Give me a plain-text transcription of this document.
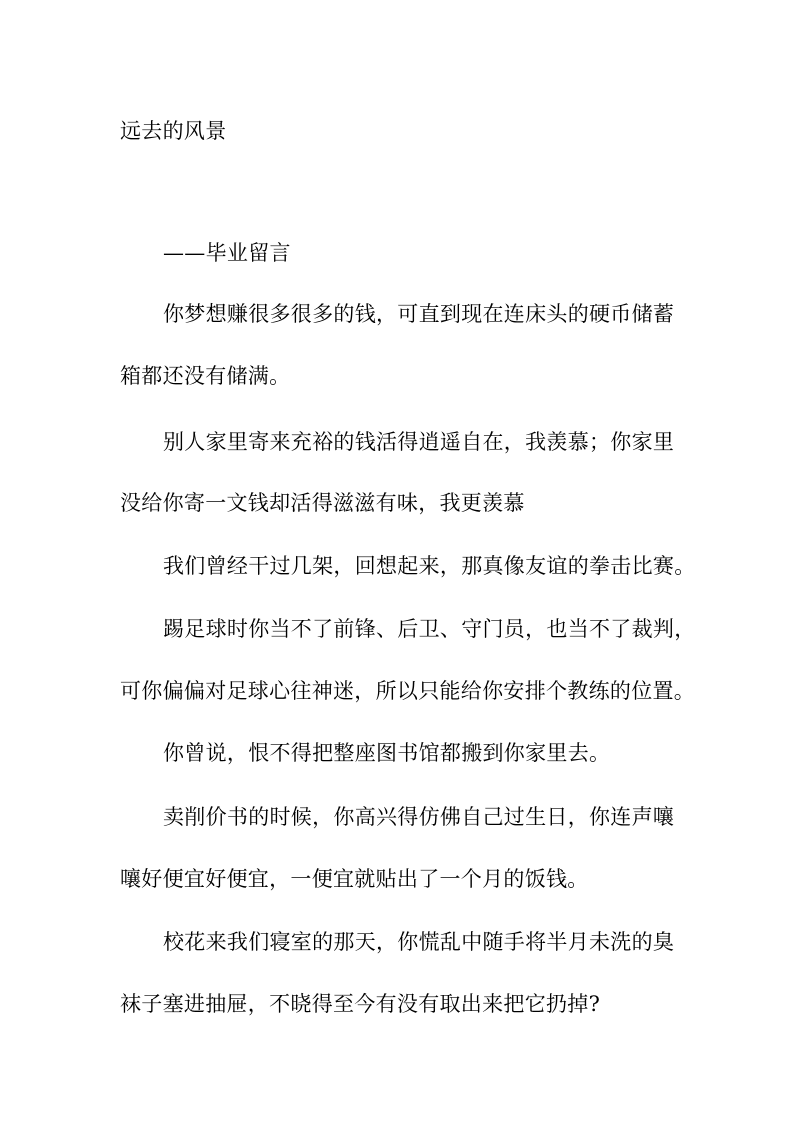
远去的风景
——毕业留言
你梦想赚很多很多的钱，可直到现在连床头的硬币储蓄
箱都还没有储满。
别人家里寄来充裕的钱活得逍遥自在，我羡慕；你家里
没给你寄一文钱却活得滋滋有味，我更羡慕
我们曾经干过几架，回想起来，那真像友谊的拳击比赛。
踢足球时你当不了前锋、后卫、守门员，也当不了裁判，
可你偏偏对足球心往神迷，所以只能给你安排个教练的位置。
你曾说，恨不得把整座图书馆都搬到你家里去。
卖削价书的时候，你高兴得仿佛自己过生日，你连声嚷
嚷好便宜好便宜，一便宜就贴出了一个月的饭钱。
校花来我们寝室的那天，你慌乱中随手将半月未洗的臭
袜子塞进抽屉，不晓得至今有没有取出来把它扔掉?
